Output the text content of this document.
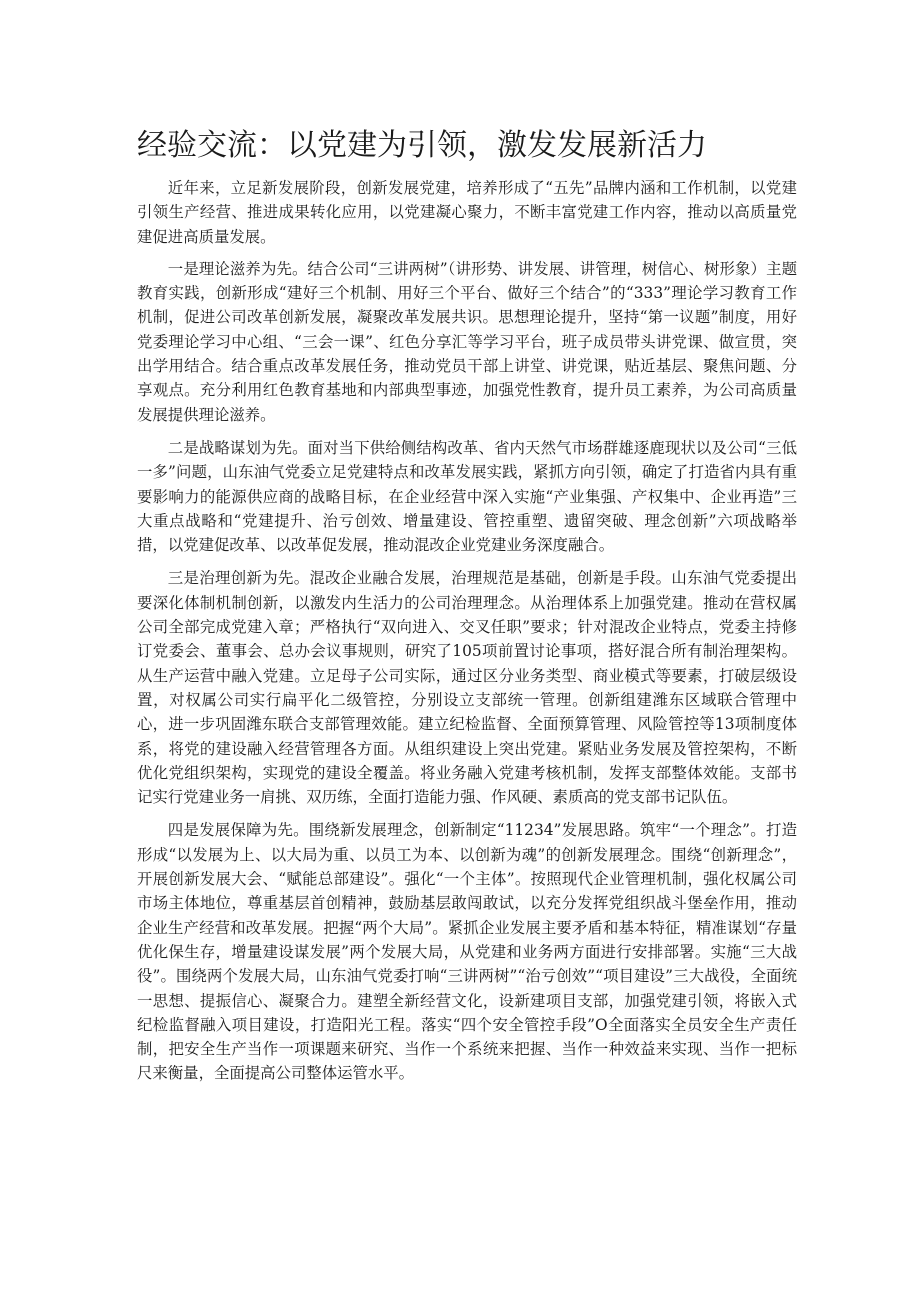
经验交流：以党建为引领，激发发展新活力

近年来，立足新发展阶段，创新发展党建，培养形成了“五先”品牌内涵和工作机制，以党建引领生产经营、推进成果转化应用，以党建凝心聚力，不断丰富党建工作内容，推动以高质量党建促进高质量发展。

一是理论滋养为先。结合公司“三讲两树”（讲形势、讲发展、讲管理，树信心、树形象）主题教育实践，创新形成“建好三个机制、用好三个平台、做好三个结合”的“333”理论学习教育工作机制，促进公司改革创新发展，凝聚改革发展共识。思想理论提升，坚持“第一议题”制度，用好党委理论学习中心组、“三会一课”、红色分享汇等学习平台，班子成员带头讲党课、做宣贯，突出学用结合。结合重点改革发展任务，推动党员干部上讲堂、讲党课，贴近基层、聚焦问题、分享观点。充分利用红色教育基地和内部典型事迹，加强党性教育，提升员工素养，为公司高质量发展提供理论滋养。

二是战略谋划为先。面对当下供给侧结构改革、省内天然气市场群雄逐鹿现状以及公司“三低一多”问题，山东油气党委立足党建特点和改革发展实践，紧抓方向引领，确定了打造省内具有重要影响力的能源供应商的战略目标，在企业经营中深入实施“产业集强、产权集中、企业再造”三大重点战略和“党建提升、治亏创效、增量建设、管控重塑、遗留突破、理念创新”六项战略举措，以党建促改革、以改革促发展，推动混改企业党建业务深度融合。

三是治理创新为先。混改企业融合发展，治理规范是基础，创新是手段。山东油气党委提出要深化体制机制创新，以激发内生活力的公司治理理念。从治理体系上加强党建。推动在营权属公司全部完成党建入章；严格执行“双向进入、交叉任职”要求；针对混改企业特点，党委主持修订党委会、董事会、总办会议事规则，研究了105项前置讨论事项，搭好混合所有制治理架构。从生产运营中融入党建。立足母子公司实际，通过区分业务类型、商业模式等要素，打破层级设置，对权属公司实行扁平化二级管控，分别设立支部统一管理。创新组建潍东区域联合管理中心，进一步巩固潍东联合支部管理效能。建立纪检监督、全面预算管理、风险管控等13项制度体系，将党的建设融入经营管理各方面。从组织建设上突出党建。紧贴业务发展及管控架构，不断优化党组织架构，实现党的建设全覆盖。将业务融入党建考核机制，发挥支部整体效能。支部书记实行党建业务一肩挑、双历练，全面打造能力强、作风硬、素质高的党支部书记队伍。

四是发展保障为先。围绕新发展理念，创新制定“11234”发展思路。筑牢“一个理念”。打造形成“以发展为上、以大局为重、以员工为本、以创新为魂”的创新发展理念。围绕“创新理念”，开展创新发展大会、“赋能总部建设”。强化“一个主体”。按照现代企业管理机制，强化权属公司市场主体地位，尊重基层首创精神，鼓励基层敢闯敢试，以充分发挥党组织战斗堡垒作用，推动企业生产经营和改革发展。把握“两个大局”。紧抓企业发展主要矛盾和基本特征，精准谋划“存量优化保生存，增量建设谋发展”两个发展大局，从党建和业务两方面进行安排部署。实施“三大战役”。围绕两个发展大局，山东油气党委打响“三讲两树”“治亏创效”“项目建设”三大战役，全面统一思想、提振信心、凝聚合力。建塑全新经营文化，设新建项目支部，加强党建引领，将嵌入式纪检监督融入项目建设，打造阳光工程。落实“四个安全管控手段”O全面落实全员安全生产责任制，把安全生产当作一项课题来研究、当作一个系统来把握、当作一种效益来实现、当作一把标尺来衡量，全面提高公司整体运管水平。
